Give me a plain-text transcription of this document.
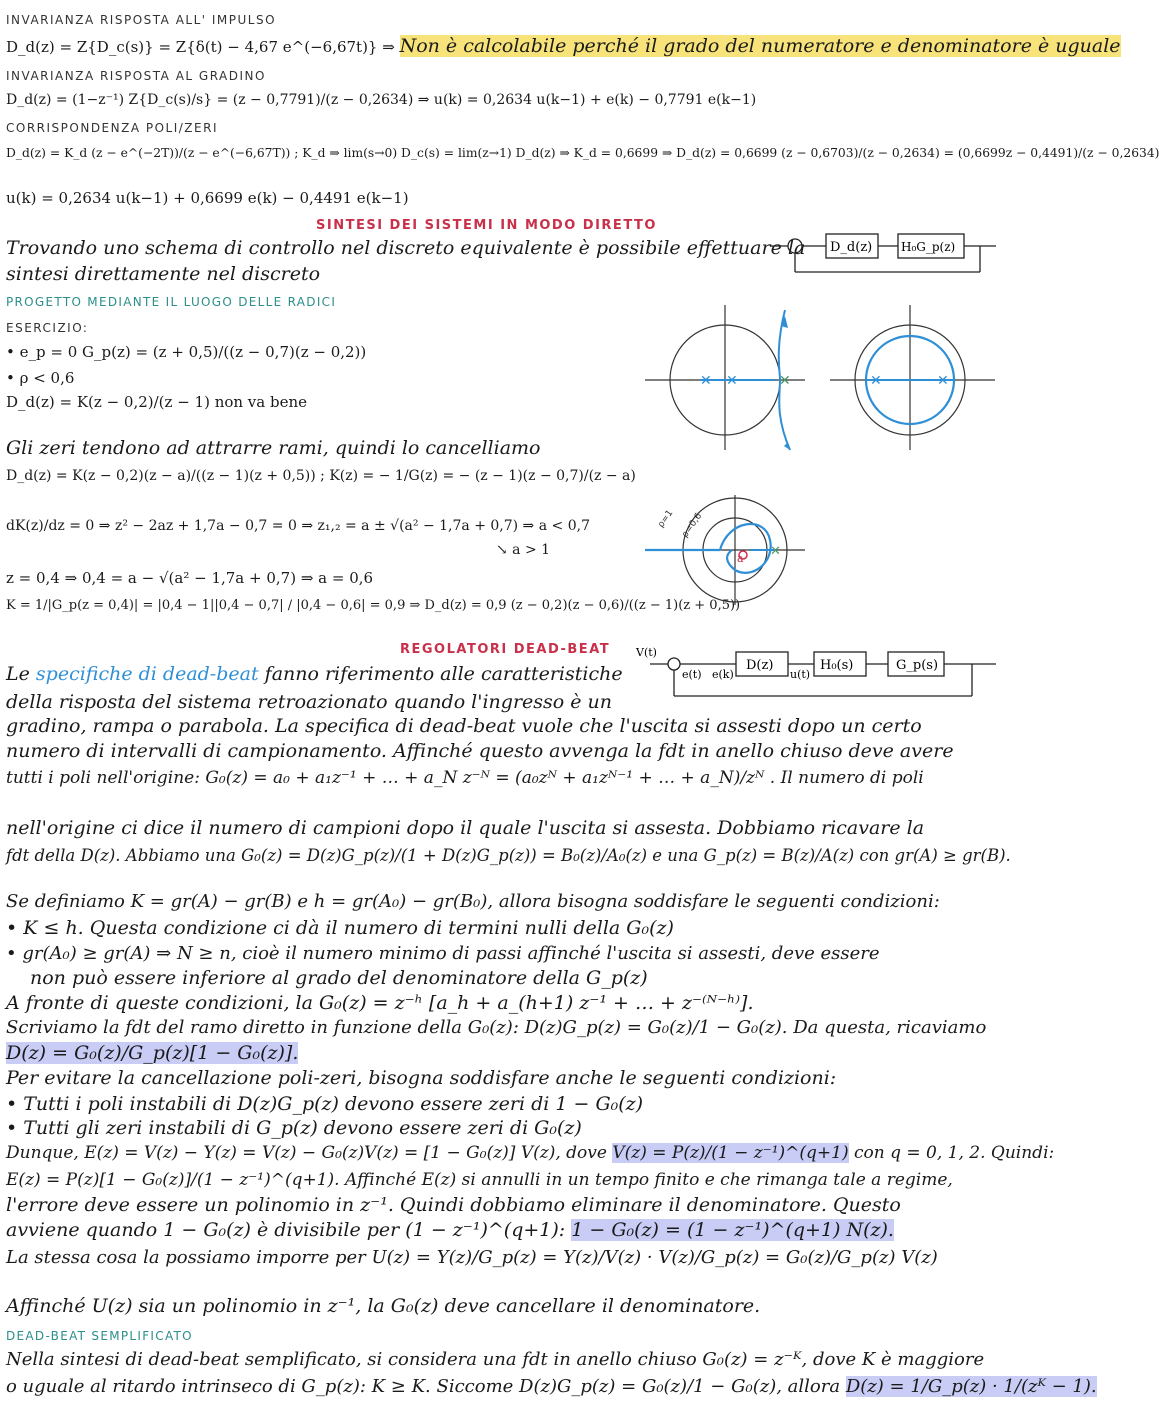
INVARIANZA RISPOSTA ALL' IMPULSO
D_d(z) = Z{D_c(s)} = Z{δ(t) − 4,67 e^(−6,67t)} ⇒ Non è calcolabile perché il grado del numeratore e denominatore è uguale
INVARIANZA RISPOSTA AL GRADINO
D_d(z) = (1−z⁻¹) Z{D_c(s)/s} = (z − 0,7791)/(z − 0,2634) ⇒ u(k) = 0,2634 u(k−1) + e(k) − 0,7791 e(k−1)
CORRISPONDENZA POLI/ZERI
D_d(z) = K_d (z − e^(−2T))/(z − e^(−6,67T)) ; K_d ⇒ lim(s→0) D_c(s) = lim(z→1) D_d(z) ⇒ K_d = 0,6699 ⇒ D_d(z) = 0,6699 (z − 0,6703)/(z − 0,2634) = (0,6699z − 0,4491)/(z − 0,2634)
u(k) = 0,2634 u(k−1) + 0,6699 e(k) − 0,4491 e(k−1)
SINTESI DEI SISTEMI IN MODO DIRETTO
Trovando uno schema di controllo nel discreto equivalente è possibile effettuare la
sintesi direttamente nel discreto
D_d(z) H₀G_p(z)
PROGETTO MEDIANTE IL LUOGO DELLE RADICI
ESERCIZIO:
• e_p = 0 G_p(z) = (z + 0,5)/((z − 0,7)(z − 0,2))
• ρ < 0,6
D_d(z) = K(z − 0,2)/(z − 1) non va bene
Gli zeri tendono ad attrarre rami, quindi lo cancelliamo
D_d(z) = K(z − 0,2)(z − a)/((z − 1)(z + 0,5)) ; K(z) = − 1/G(z) = − (z − 1)(z − 0,7)/(z − a)
dK(z)/dz = 0 ⇒ z² − 2az + 1,7a − 0,7 = 0 ⇒ z₁,₂ = a ± √(a² − 1,7a + 0,7) ⇒ a < 0,7
↘ a > 1
z = 0,4 ⇒ 0,4 = a − √(a² − 1,7a + 0,7) ⇒ a = 0,6
K = 1/|G_p(z = 0,4)| = |0,4 − 1||0,4 − 0,7| / |0,4 − 0,6| = 0,9 ⇒ D_d(z) = 0,9 (z − 0,2)(z − 0,6)/((z − 1)(z + 0,5))
✕ ✕	✕	✕	✕
✕
ρ=1 ρ=0,6
a
REGOLATORI DEAD-BEAT V(t)
e(t) e(k)
D(z)
u(t)
H₀(s)	G_p(s)
Le specifiche di dead-beat fanno riferimento alle caratteristiche
della risposta del sistema retroazionato quando l'ingresso è un
gradino, rampa o parabola. La specifica di dead-beat vuole che l'uscita si assesti dopo un certo
numero di intervalli di campionamento. Affinché questo avvenga la fdt in anello chiuso deve avere
tutti i poli nell'origine: G₀(z) = a₀ + a₁z⁻¹ + … + a_N z⁻ᴺ = (a₀zᴺ + a₁zᴺ⁻¹ + … + a_N)/zᴺ . Il numero di poli
nell'origine ci dice il numero di campioni dopo il quale l'uscita si assesta. Dobbiamo ricavare la
fdt della D(z). Abbiamo una G₀(z) = D(z)G_p(z)/(1 + D(z)G_p(z)) = B₀(z)/A₀(z) e una G_p(z) = B(z)/A(z) con gr(A) ≥ gr(B).
Se definiamo K = gr(A) − gr(B) e h = gr(A₀) − gr(B₀), allora bisogna soddisfare le seguenti condizioni:
• K ≤ h. Questa condizione ci dà il numero di termini nulli della G₀(z)
• gr(A₀) ≥ gr(A) ⇒ N ≥ n, cioè il numero minimo di passi affinché l'uscita si assesti, deve essere
non può essere inferiore al grado del denominatore della G_p(z)
A fronte di queste condizioni, la G₀(z) = z⁻ʰ [a_h + a_(h+1) z⁻¹ + … + z⁻⁽ᴺ⁻ʰ⁾].
Scriviamo la fdt del ramo diretto in funzione della G₀(z): D(z)G_p(z) = G₀(z)/1 − G₀(z). Da questa, ricaviamo
D(z) = G₀(z)/G_p(z)[1 − G₀(z)].
Per evitare la cancellazione poli-zeri, bisogna soddisfare anche le seguenti condizioni:
• Tutti i poli instabili di D(z)G_p(z) devono essere zeri di 1 − G₀(z)
• Tutti gli zeri instabili di G_p(z) devono essere zeri di G₀(z)
Dunque, E(z) = V(z) − Y(z) = V(z) − G₀(z)V(z) = [1 − G₀(z)] V(z), dove V(z) = P(z)/(1 − z⁻¹)^(q+1) con q = 0, 1, 2. Quindi:
E(z) = P(z)[1 − G₀(z)]/(1 − z⁻¹)^(q+1). Affinché E(z) si annulli in un tempo finito e che rimanga tale a regime,
l'errore deve essere un polinomio in z⁻¹. Quindi dobbiamo eliminare il denominatore. Questo
avviene quando 1 − G₀(z) è divisibile per (1 − z⁻¹)^(q+1): 1 − G₀(z) = (1 − z⁻¹)^(q+1) N(z).
La stessa cosa la possiamo imporre per U(z) = Y(z)/G_p(z) = Y(z)/V(z) · V(z)/G_p(z) = G₀(z)/G_p(z) V(z)
Affinché U(z) sia un polinomio in z⁻¹, la G₀(z) deve cancellare il denominatore.
DEAD-BEAT SEMPLIFICATO
Nella sintesi di dead-beat semplificato, si considera una fdt in anello chiuso G₀(z) = z⁻ᴷ, dove K è maggiore
o uguale al ritardo intrinseco di G_p(z): K ≥ K. Siccome D(z)G_p(z) = G₀(z)/1 − G₀(z), allora D(z) = 1/G_p(z) · 1/(zᴷ − 1).
